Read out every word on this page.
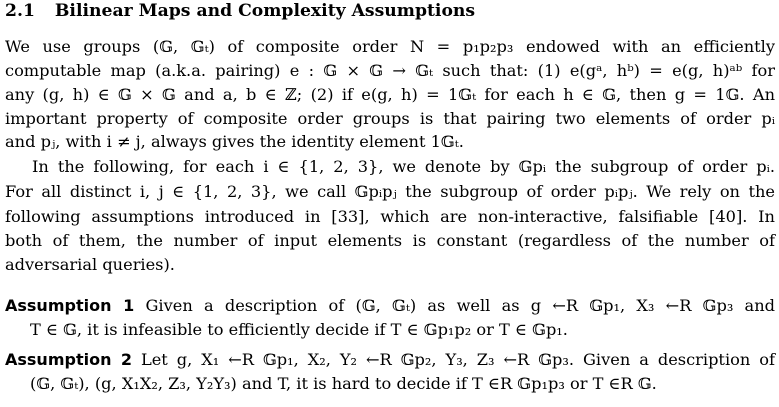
2.1 Bilinear Maps and Complexity Assumptions
We use groups (𝔾, 𝔾ₜ) of composite order N = p₁p₂p₃ endowed with an efficiently
computable map (a.k.a. pairing) e : 𝔾 × 𝔾 → 𝔾ₜ such that: (1) e(gᵃ, hᵇ) = e(g, h)ᵃᵇ for
any (g, h) ∈ 𝔾 × 𝔾 and a, b ∈ ℤ; (2) if e(g, h) = 1𝔾ₜ for each h ∈ 𝔾, then g = 1𝔾. An
important property of composite order groups is that pairing two elements of order pᵢ
and pⱼ, with i ≠ j, always gives the identity element 1𝔾ₜ.
In the following, for each i ∈ {1, 2, 3}, we denote by 𝔾pᵢ the subgroup of order pᵢ.
For all distinct i, j ∈ {1, 2, 3}, we call 𝔾pᵢpⱼ the subgroup of order pᵢpⱼ. We rely on the
following assumptions introduced in [33], which are non-interactive, falsifiable [40]. In
both of them, the number of input elements is constant (regardless of the number of
adversarial queries).
Assumption 1 Given a description of (𝔾, 𝔾ₜ) as well as g ←R 𝔾p₁, X₃ ←R 𝔾p₃ and
T ∈ 𝔾, it is infeasible to efficiently decide if T ∈ 𝔾p₁p₂ or T ∈ 𝔾p₁.
Assumption 2 Let g, X₁ ←R 𝔾p₁, X₂, Y₂ ←R 𝔾p₂, Y₃, Z₃ ←R 𝔾p₃. Given a description of
(𝔾, 𝔾ₜ), (g, X₁X₂, Z₃, Y₂Y₃) and T, it is hard to decide if T ∈R 𝔾p₁p₃ or T ∈R 𝔾.
